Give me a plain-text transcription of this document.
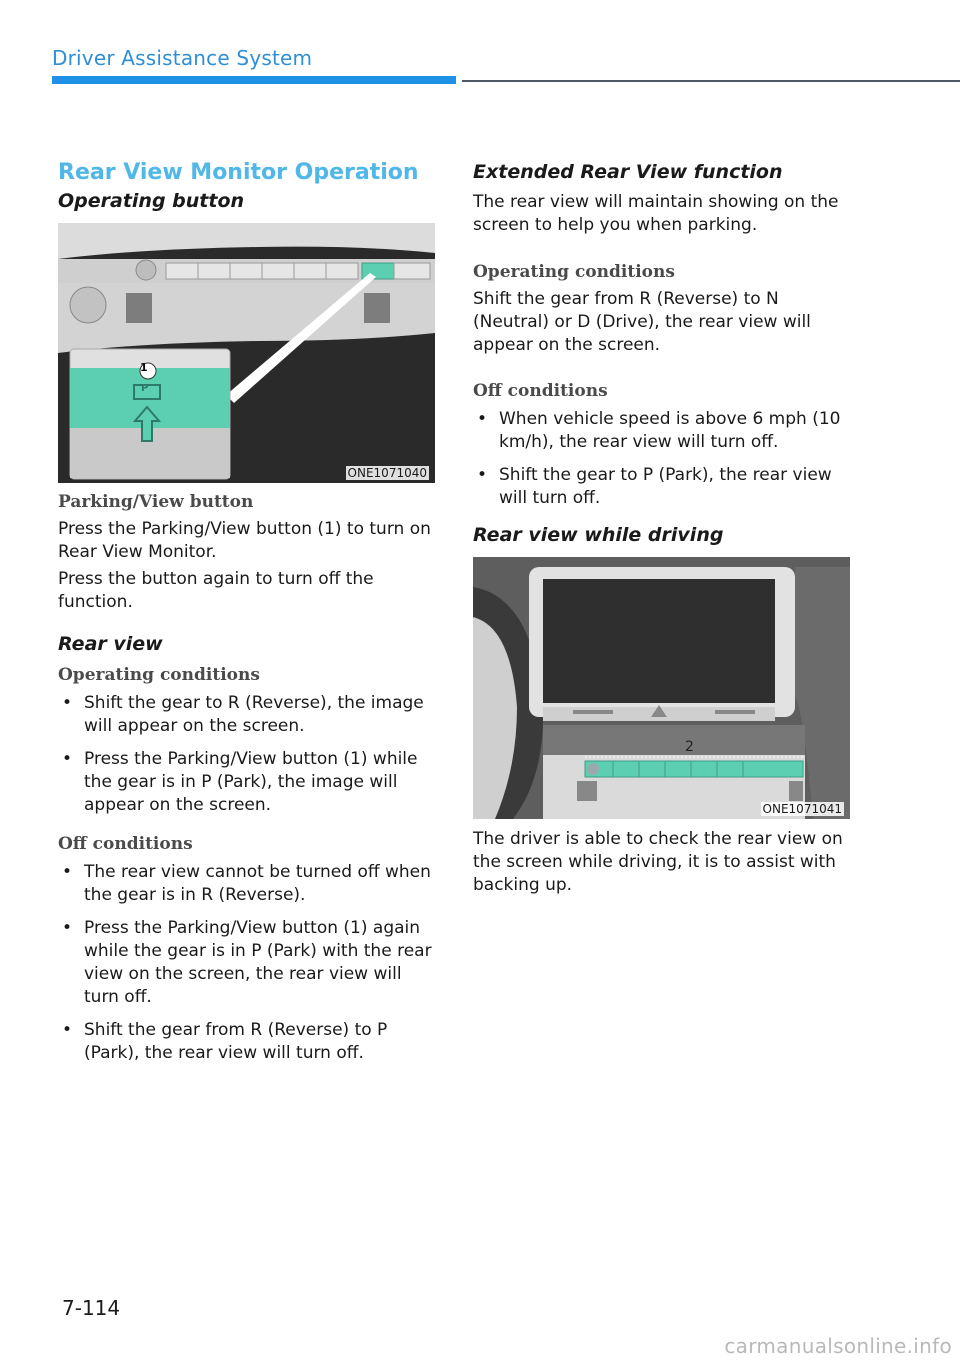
Driver Assistance System
Rear View Monitor Operation
Operating button
1
P
ONE1071040
Parking/View button

Press the Parking/View button (1) to turn on Rear View Monitor.

Press the button again to turn off the function.

Rear view
Operating conditions
• Shift the gear to R (Reverse), the image will appear on the screen.
• Press the Parking/View button (1) while the gear is in P (Park), the image will appear on the screen.
Off conditions
• The rear view cannot be turned off when the gear is in R (Reverse).
• Press the Parking/View button (1) again while the gear is in P (Park) with the rear view on the screen, the rear view will turn off.
• Shift the gear from R (Reverse) to P (Park), the rear view will turn off.
Extended Rear View function

The rear view will maintain showing on the screen to help you when parking.

Operating conditions

Shift the gear from R (Reverse) to N (Neutral) or D (Drive), the rear view will appear on the screen.

Off conditions
• When vehicle speed is above 6 mph (10 km/h), the rear view will turn off.
• Shift the gear to P (Park), the rear view will turn off.
Rear view while driving
2
ONE1071041

The driver is able to check the rear view on the screen while driving, it is to assist with backing up.

7-114
carmanualsonline.info
